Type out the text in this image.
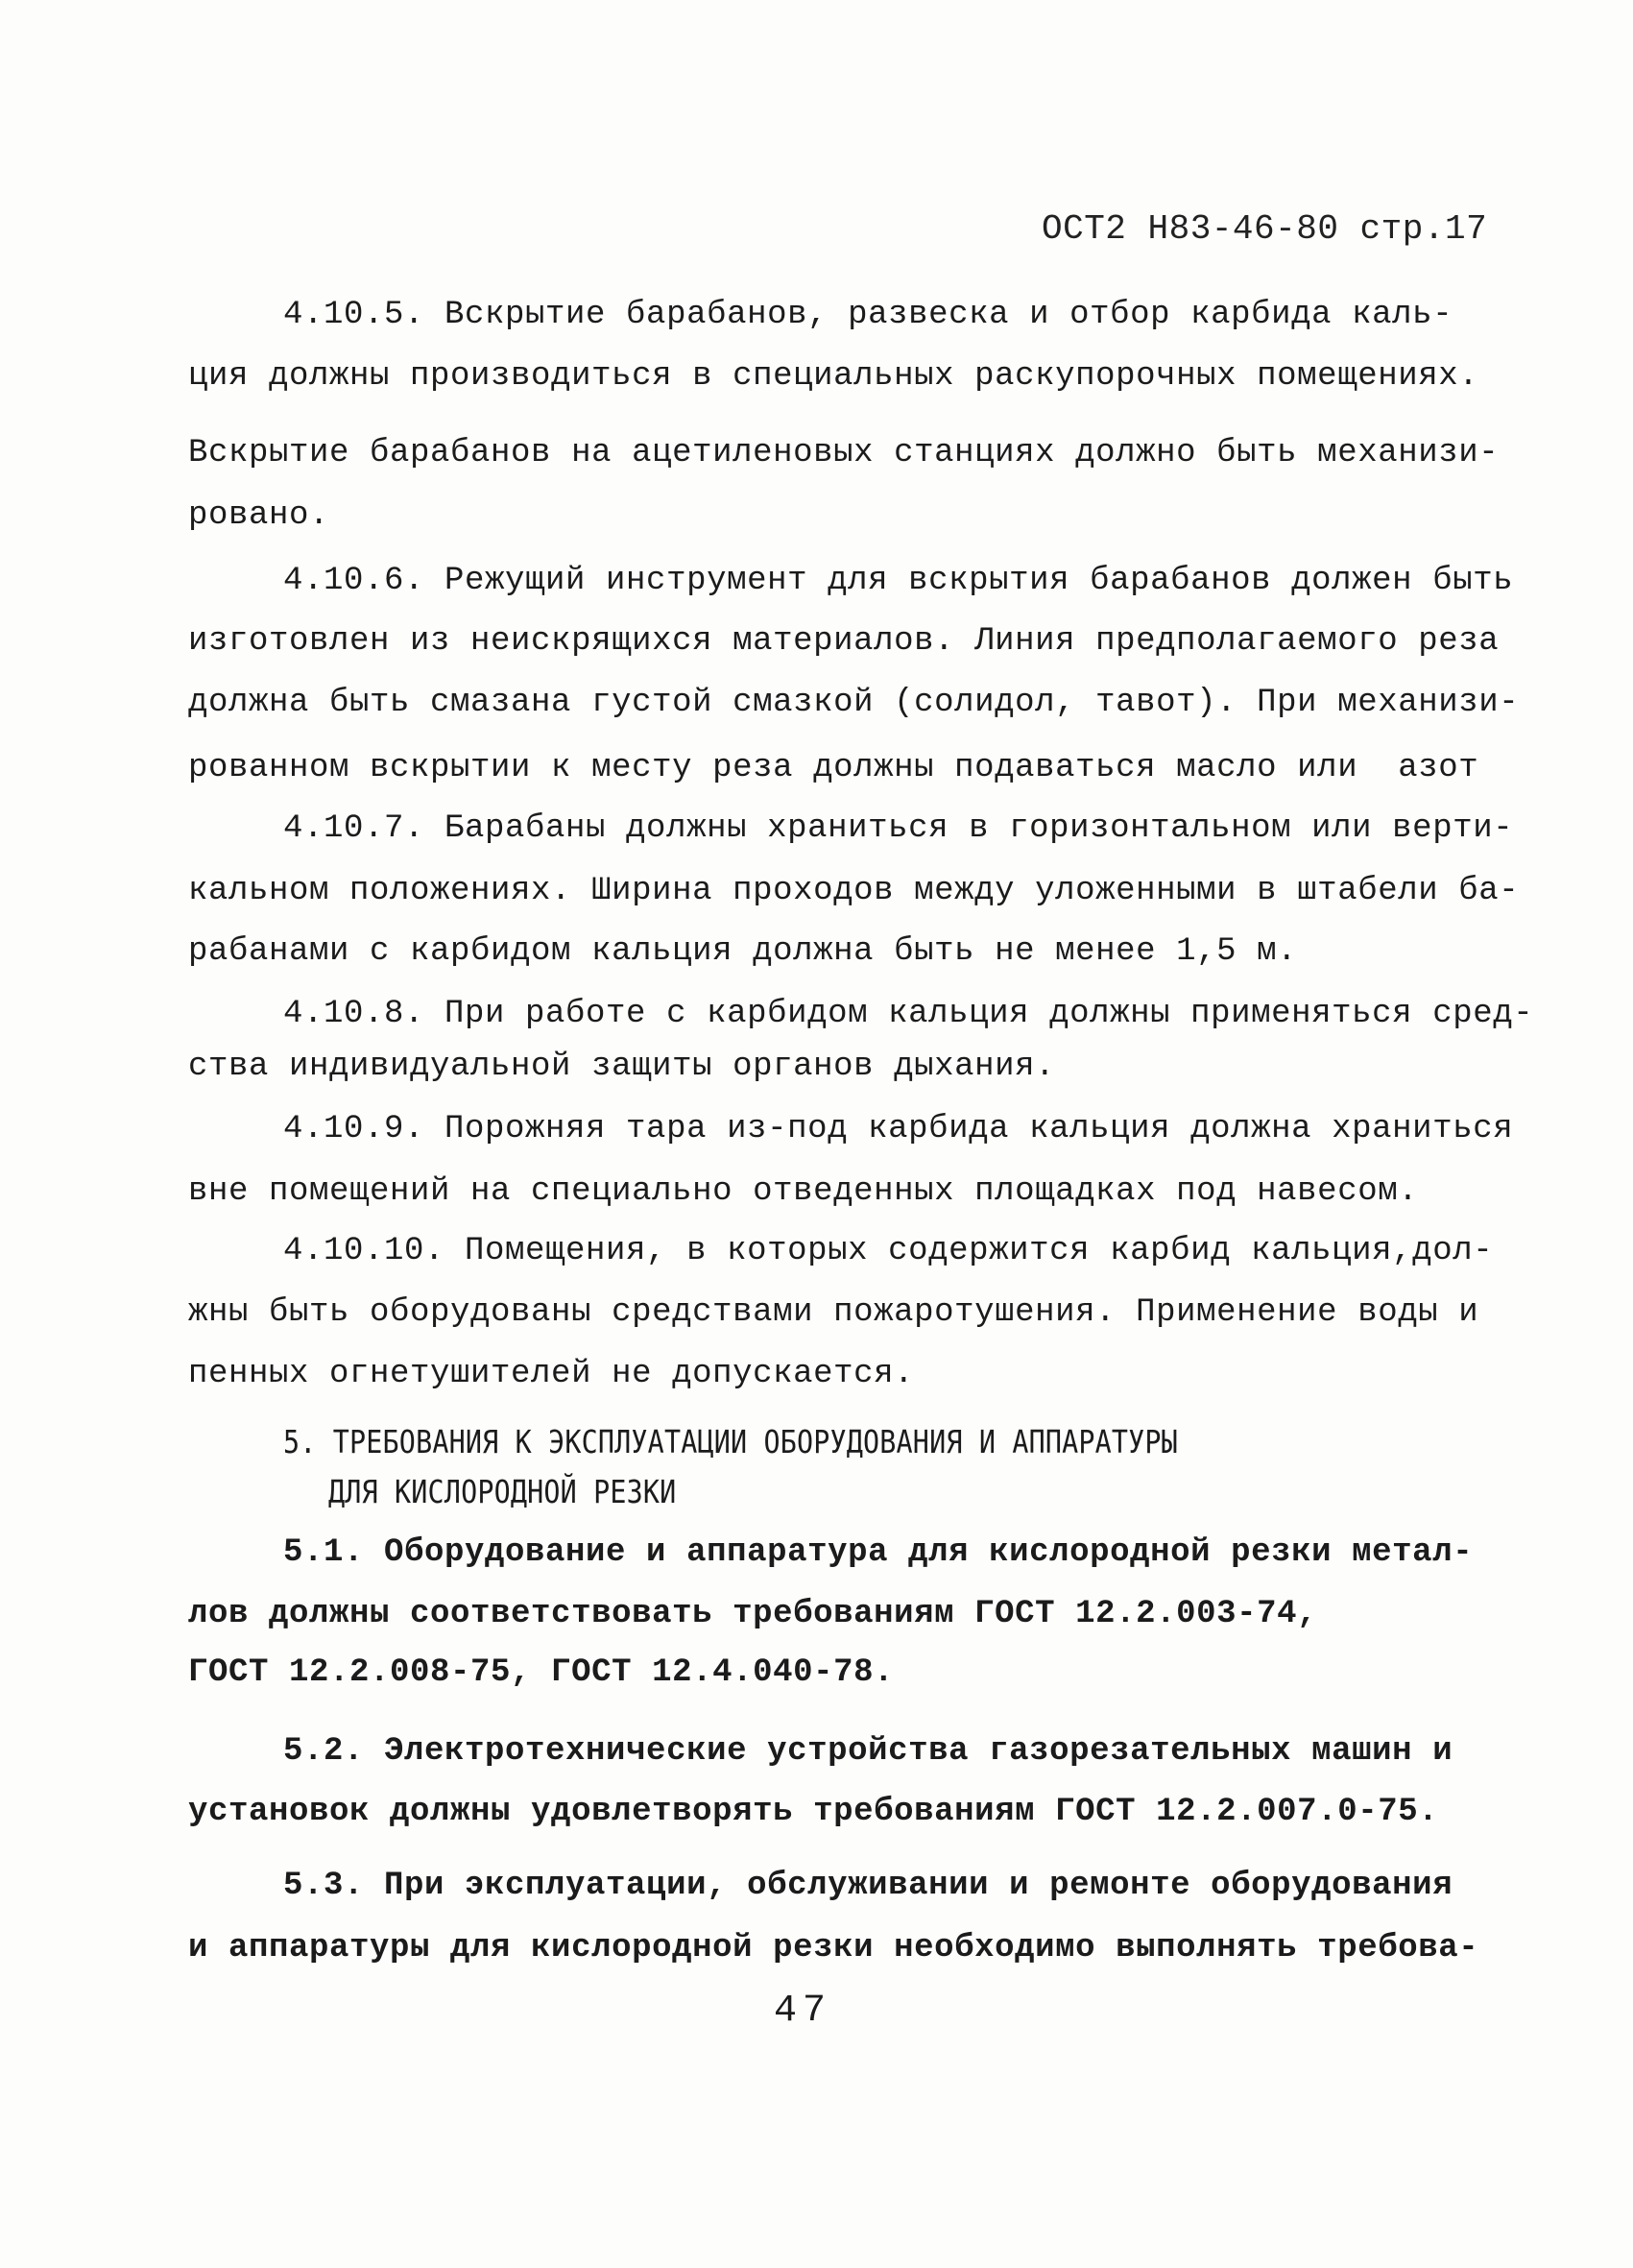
ОСТ2 Н83-46-80 стр.17
4.10.5. Вскрытие барабанов, развеска и отбор карбида каль-
ция должны производиться в специальных раскупорочных помещениях.
Вскрытие барабанов на ацетиленовых станциях должно быть механизи-
ровано.
4.10.6. Режущий инструмент для вскрытия барабанов должен быть
изготовлен из неискрящихся материалов. Линия предполагаемого реза
должна быть смазана густой смазкой (солидол, тавот). При механизи-
рованном вскрытии к месту реза должны подаваться масло или  азот
4.10.7. Барабаны должны храниться в горизонтальном или верти-
кальном положениях. Ширина проходов между уложенными в штабели ба-
рабанами с карбидом кальция должна быть не менее 1,5 м.
4.10.8. При работе с карбидом кальция должны применяться сред-
ства индивидуальной защиты органов дыхания.
4.10.9. Порожняя тара из-под карбида кальция должна храниться
вне помещений на специально отведенных площадках под навесом.
4.10.10. Помещения, в которых содержится карбид кальция,дол-
жны быть оборудованы средствами пожаротушения. Применение воды и
пенных огнетушителей не допускается.
5. ТРЕБОВАНИЯ К ЭКСПЛУАТАЦИИ ОБОРУДОВАНИЯ И АППАРАТУРЫ
ДЛЯ КИСЛОРОДНОЙ РЕЗКИ
5.1. Оборудование и аппаратура для кислородной резки метал-
лов должны соответствовать требованиям ГОСТ 12.2.003-74,
ГОСТ 12.2.008-75, ГОСТ 12.4.040-78.
5.2. Электротехнические устройства газорезательных машин и
установок должны удовлетворять требованиям ГОСТ 12.2.007.0-75.
5.3. При эксплуатации, обслуживании и ремонте оборудования
и аппаратуры для кислородной резки необходимо выполнять требова-
47
